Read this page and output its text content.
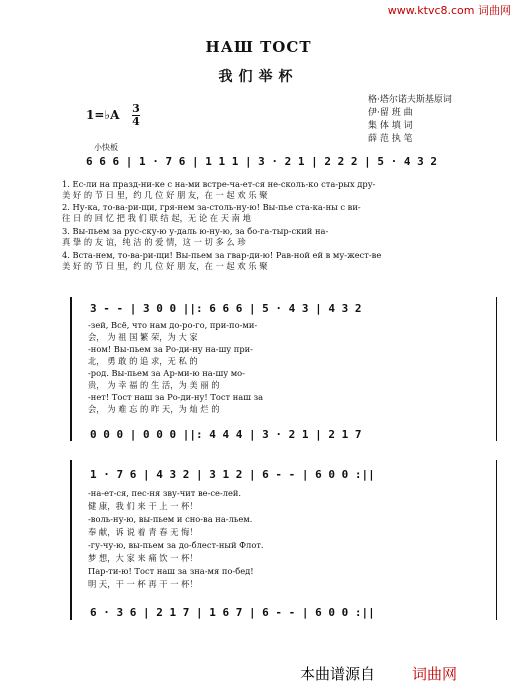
www.ktvc8.com 词曲网
НАШ ТОСТ
我们举杯
1=♭A 3
4
格·塔尔诺夫斯基原词
伊·留 班 曲
集 体 填 词
薛 范 执 笔
小快板
6 6 6 | 1 · 7 6 | 1 1 1 | 3 · 2 1 | 2 2 2 | 5 · 4 3 2
1. Ес-ли на празд-ни-ке с на-ми встре-ча-ет-ся не-сколь-ко ста-рых дру-
美 好 的 节 日 里，约 几 位 好 朋 友，在 一 起 欢 乐 聚
2. Ну-ка, то-ва-ри-щи, гря-нем за-столь-ну-ю! Вы-пье ста-ка-ны с ви-
往 日 的 回 忆 把 我 们 联 结 起，无 论 在 天 南 地
3. Вы-пьем за рус-ску-ю у-даль ю-ну-ю, за бо-га-тыр-ский на-
真 挚 的 友 谊，纯 洁 的 爱 情，这 一 切 多 么 珍
4. Вста-нем, то-ва-ри-щи! Вы-пьем за гвар-ди-ю! Рав-ной ей в му-жест-ве
美 好 的 节 日 里，约 几 位 好 朋 友，在 一 起 欢 乐 聚
3 - - | 3 0 0 ||: 6 6 6 | 5 · 4 3 | 4 3 2
-зей, Всё, что нам до-ро-го, при-по-ми-
会， 为 祖 国 繁 荣，为 大 家
-ном! Вы-пьем за Ро-ди-ну на-шу при-
北， 勇 敢 的 追 求，无 私 的
-род. Вы-пьем за Ар-ми-ю на-шу мо-
贵， 为 幸 福 的 生 活，为 美 丽 的
-нет! Тост наш за Ро-ди-ну! Тост наш за
会， 为 难 忘 的 昨 天，为 灿 烂 的
0 0 0 | 0 0 0 ||: 4 4 4 | 3 · 2 1 | 2 1 7
1 · 7 6 | 4 3 2 | 3 1 2 | 6 - - | 6 0 0 :||
-на-ет-ся, пес-ня зву-чит ве-се-лей.
健 康，我 们 来 干 上 一 杯！
-воль-ну-ю, вы-пьем и сно-ва на-льем.
奉 献，诉 说 着 青 春 无 悔！
-гу-чу-ю, вы-пьем за до-блест-ный Флот.
梦 想，大 家 来 痛 饮 一 杯！
Пар-ти-ю! Тост наш за зна-мя по-бед!
明 天，干 一 杯 再 干 一 杯！
6 · 3 6 | 2 1 7 | 1 6 7 | 6 - - | 6 0 0 :||
本曲谱源自 词曲网
